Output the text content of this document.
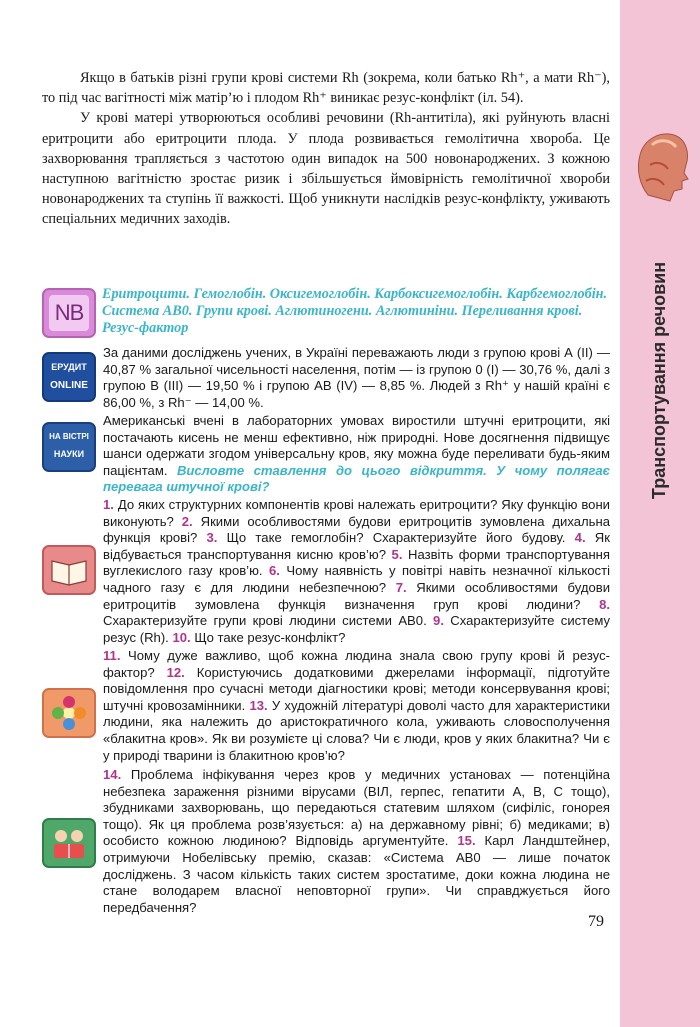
Транспортування речовин

Якщо в батьків різні групи крові системи Rh (зокрема, коли батько Rh⁺, а мати Rh⁻), то під час вагітності між матір’ю і плодом Rh⁺ виникає резус-конфлікт (іл. 54).

У крові матері утворюються особливі речовини (Rh-антитіла), які руйнують власні еритроцити або еритроцити плода. У плода розвивається гемолітична хвороба. Це захворювання трапляється з частотою один випадок на 500 новонароджених. З кожною наступною вагітністю зростає ризик і збільшується ймовірність гемолітичної хвороби новонароджених та ступінь її важкості. Щоб уникнути наслідків резус-конфлікту, уживають спеціальних медичних заходів.

NB

Еритроцити. Гемоглобін. Оксигемоглобін. Карбоксигемоглобін. Карбгемоглобін. Система АВ0. Групи крові. Аглютиногени. Аглютиніни. Переливання крові. Резус-фактор

ЕРУДИТ
ONLINE

За даними досліджень учених, в Україні переважають люди з групою крові А (II) — 40,87 % загальної чисельності населення, потім — із групою 0 (I) — 30,76 %, далі з групою В (III) — 19,50 % і групою АВ (IV) — 8,85 %. Людей з Rh⁺ у нашій країні є 86,00 %, з Rh⁻ — 14,00 %.

НА ВІСТРІ
НАУКИ

Американські вчені в лабораторних умовах виростили штучні еритроцити, які постачають кисень не менш ефективно, ніж природні. Нове досягнення підвищує шанси одержати згодом універсальну кров, яку можна буде переливати будь-яким пацієнтам. Висловте ставлення до цього відкриття. У чому полягає перевага штучної крові?

1. До яких структурних компонентів крові належать еритроцити? Яку функцію вони виконують? 2. Якими особливостями будови еритроцитів зумовлена дихальна функція крові? 3. Що таке гемоглобін? Схарактеризуйте його будову. 4. Як відбувається транспортування кисню кров’ю? 5. Назвіть форми транспортування вуглекислого газу кров’ю. 6. Чому наявність у повітрі навіть незначної кількості чадного газу є для людини небезпечною? 7. Якими особливостями будови еритроцитів зумовлена функція визначення груп крові людини? 8. Схарактеризуйте групи крові людини системи АВ0. 9. Схарактеризуйте систему резус (Rh). 10. Що таке резус-конфлікт?
11. Чому дуже важливо, щоб кожна людина знала свою групу крові й резус-фактор? 12. Користуючись додатковими джерелами інформації, підготуйте повідомлення про сучасні методи діагностики крові; методи консервування крові; штучні кровозамінники. 13. У художній літературі доволі часто для характеристики людини, яка належить до аристократичного кола, уживають словосполучення «блакитна кров». Як ви розумієте ці слова? Чи є люди, кров у яких блакитна? Чи є у природі тварини із блакитною кров’ю?
14. Проблема інфікування через кров у медичних установах — потенційна небезпека зараження різними вірусами (ВІЛ, герпес, гепатити А, В, С тощо), збудниками захворювань, що передаються статевим шляхом (сифіліс, гонорея тощо). Як ця проблема розв’язується: а) на державному рівні; б) медиками; в) особисто кожною людиною? Відповідь аргументуйте. 15. Карл Ландштейнер, отримуючи Нобелівську премію, сказав: «Система АВ0 — лише початок досліджень. З часом кількість таких систем зростатиме, доки кожна людина не стане володарем власної неповторної групи». Чи справджується його передбачення?
79
